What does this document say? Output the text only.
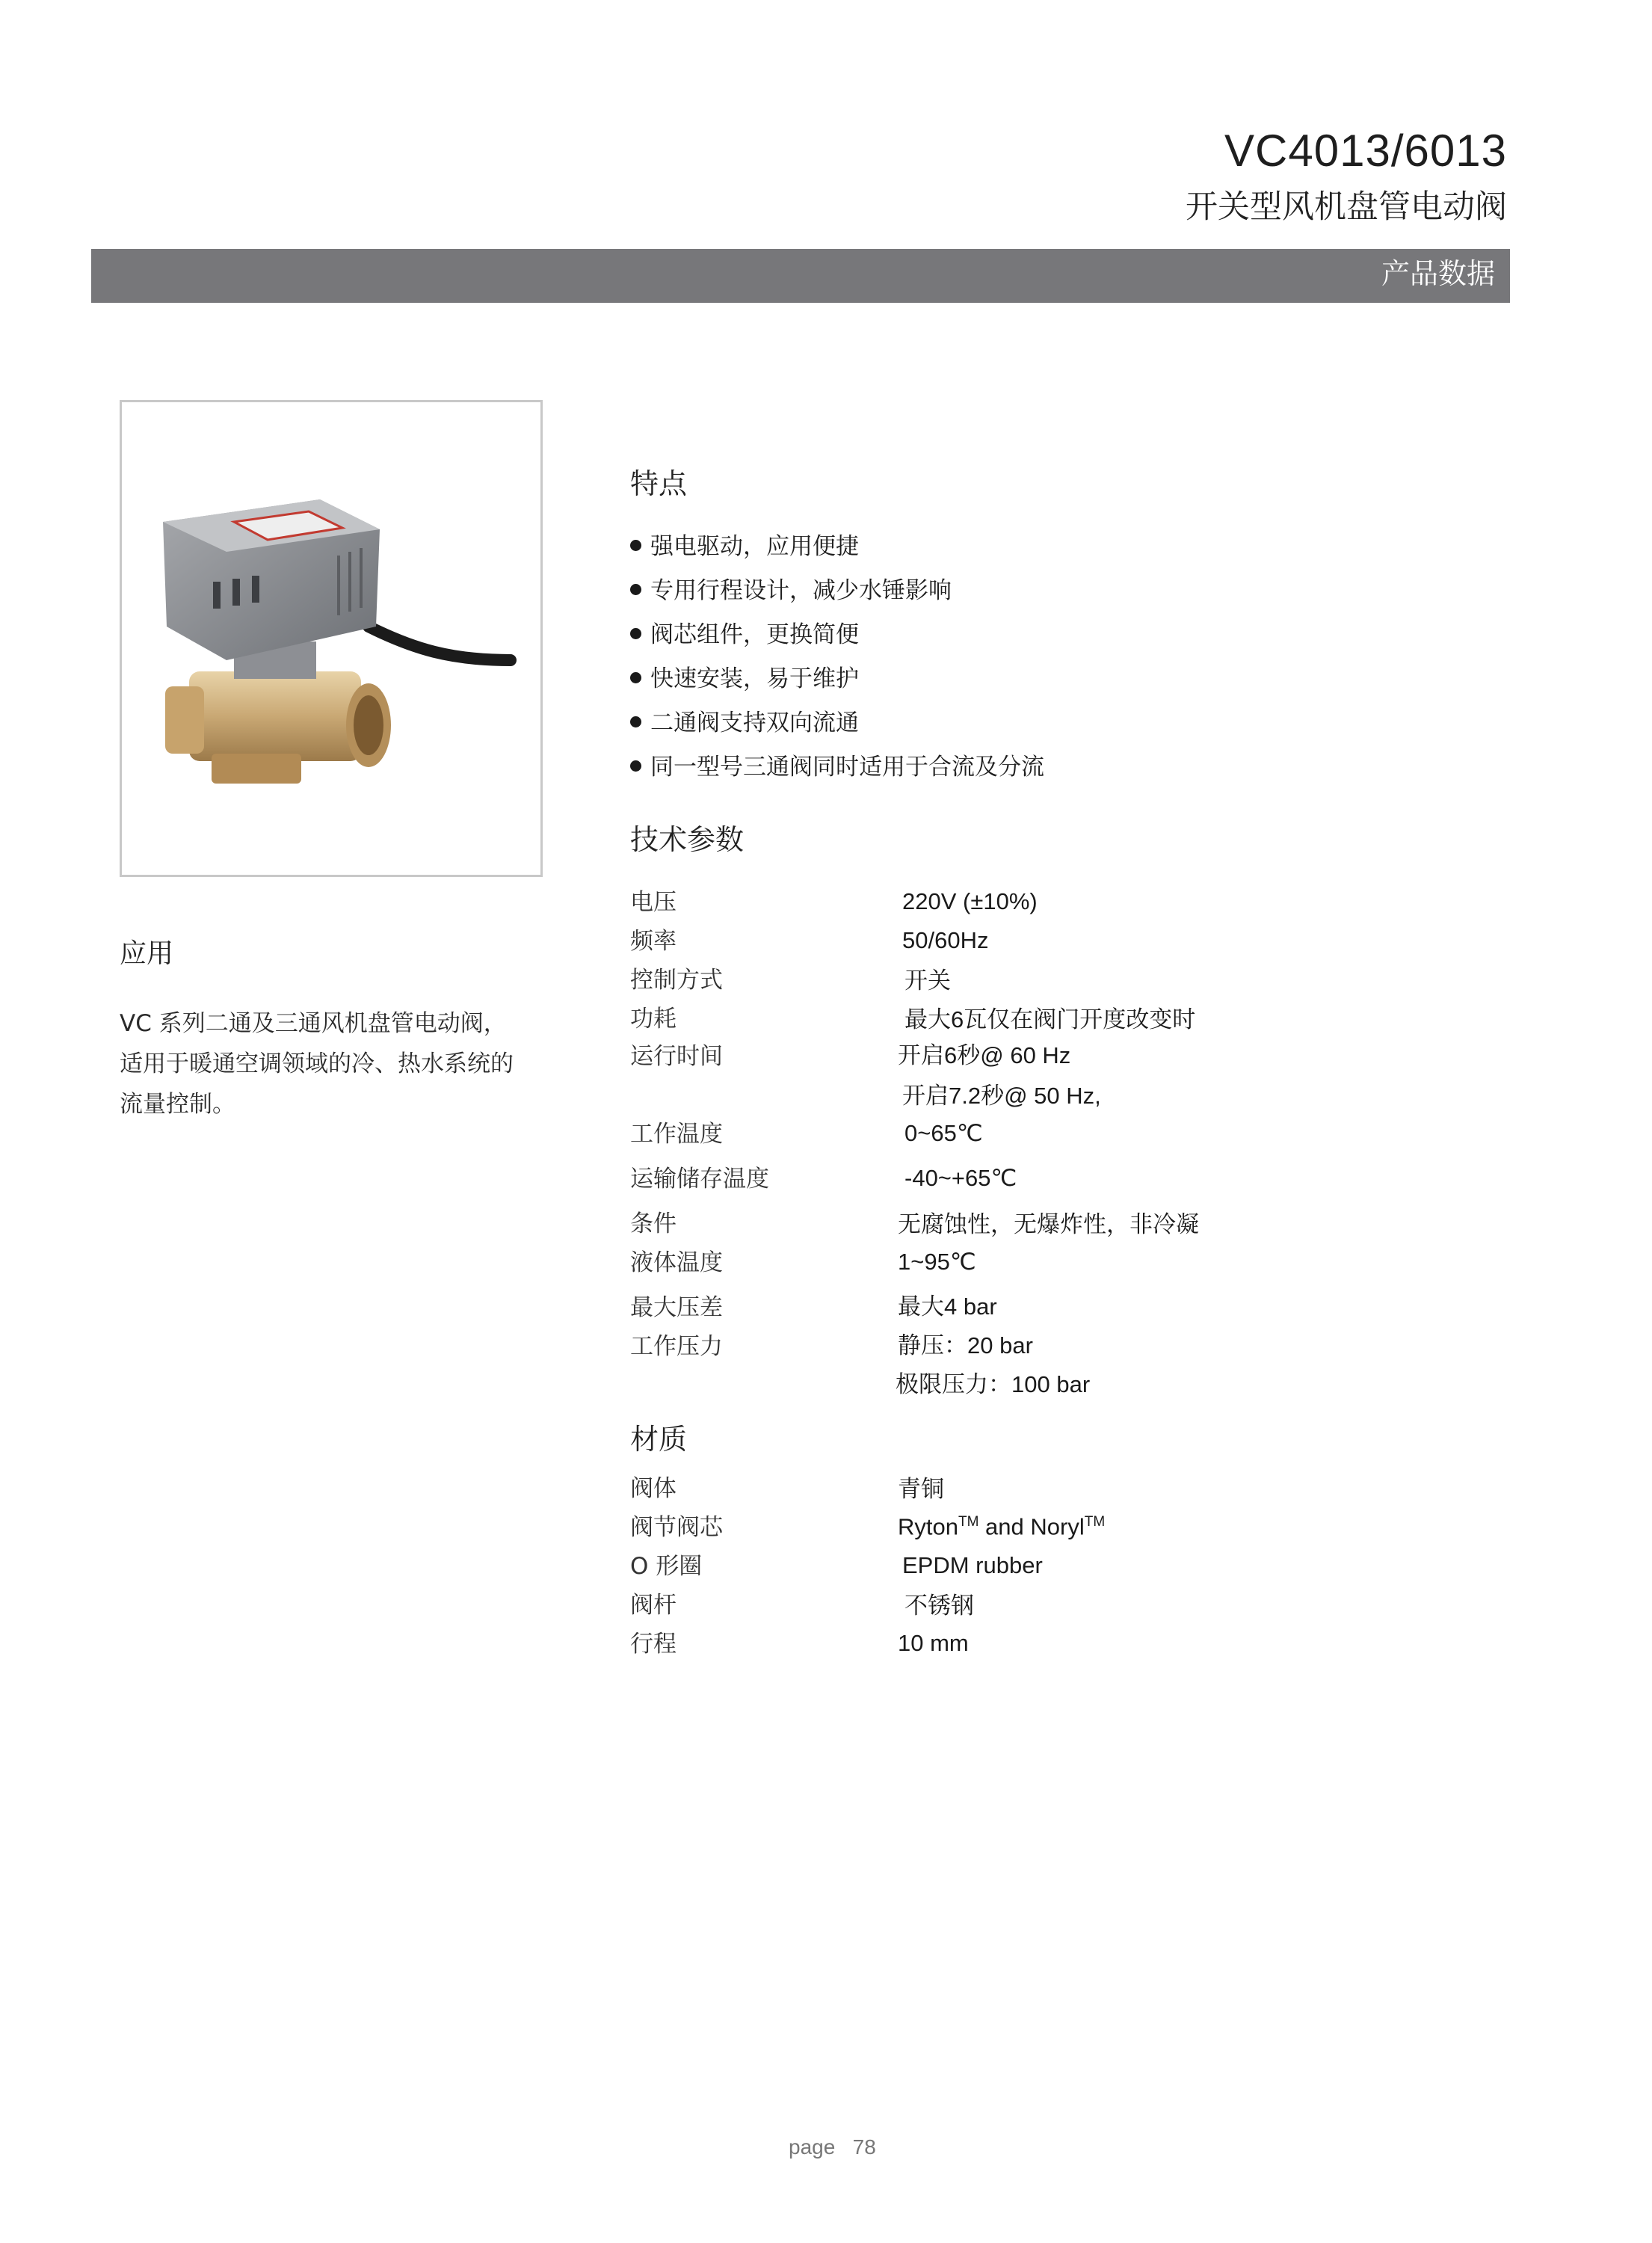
VC4013/6013
开关型风机盘管电动阀
产品数据
应用
VC 系列二通及三通风机盘管电动阀，
适用于暖通空调领域的冷、热水系统的
流量控制。
特点
强电驱动，应用便捷
专用行程设计，减少水锤影响
阀芯组件，更换简便
快速安装，易于维护
二通阀支持双向流通
同一型号三通阀同时适用于合流及分流
技术参数
电压	220V (±10%)
频率	50/60Hz
控制方式	开关
功耗	最大6瓦仅在阀门开度改变时
运行时间	开启6秒@ 60 Hz
开启7.2秒@ 50 Hz,
工作温度	0~65℃
运输储存温度	-40~+65℃
条件	无腐蚀性，无爆炸性，非冷凝
液体温度	1~95℃
最大压差	最大4 bar
工作压力	静压：20 bar
极限压力：100 bar
材质
阀体	青铜
阀节阀芯	Ryton™ and Noryl™
O 形圈	EPDM rubber
阀杆	不锈钢
行程	10 mm
page 78
